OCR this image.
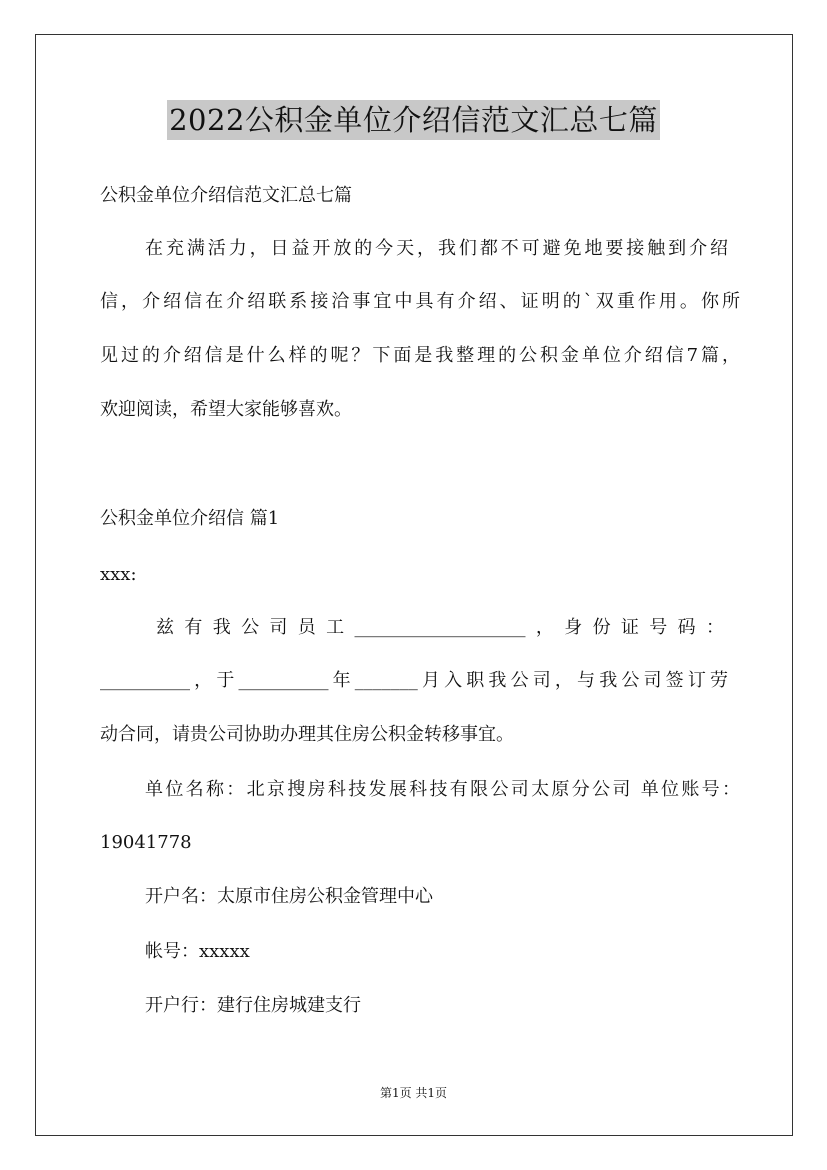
2022公积金单位介绍信范文汇总七篇
公积金单位介绍信范文汇总七篇
在充满活力，日益开放的今天，我们都不可避免地要接触到介绍
信，介绍信在介绍联系接洽事宜中具有介绍、证明的`双重作用。你所
见过的介绍信是什么样的呢？下面是我整理的公积金单位介绍信7篇，
欢迎阅读，希望大家能够喜欢。
公积金单位介绍信 篇1
xxx:
兹有我公司员工___________________，身份证号码：
__________，于__________年_______月入职我公司，与我公司签订劳
动合同，请贵公司协助办理其住房公积金转移事宜。
单位名称：北京搜房科技发展科技有限公司太原分公司 单位账号：
19041778
开户名：太原市住房公积金管理中心
帐号：xxxxx
开户行：建行住房城建支行
第1页 共1页
